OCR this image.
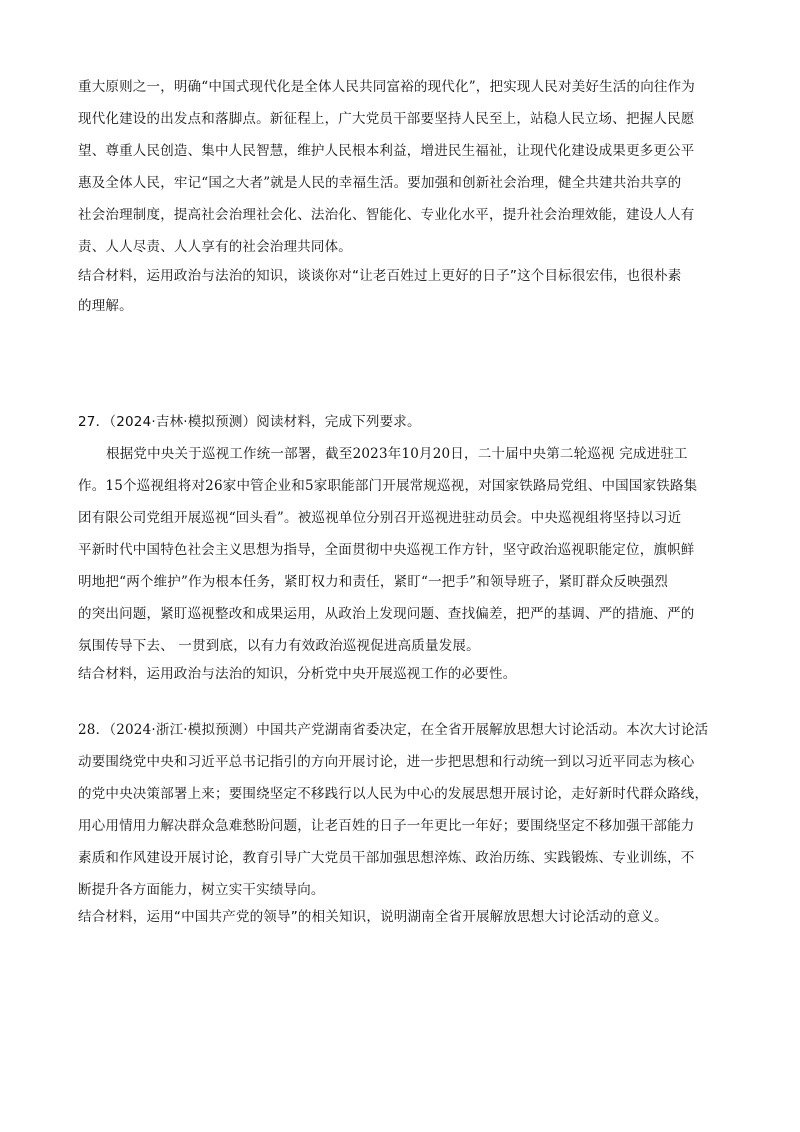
重大原则之一，明确“中国式现代化是全体人民共同富裕的现代化”，把实现人民对美好生活的向往作为
现代化建设的出发点和落脚点。新征程上，广大党员干部要坚持人民至上，站稳人民立场、把握人民愿
望、尊重人民创造、集中人民智慧，维护人民根本利益，增进民生福祉，让现代化建设成果更多更公平
惠及全体人民，牢记“国之大者”就是人民的幸福生活。要加强和创新社会治理，健全共建共治共享的
社会治理制度，提高社会治理社会化、法治化、智能化、专业化水平，提升社会治理效能，建设人人有
责、人人尽责、人人享有的社会治理共同体。
结合材料，运用政治与法治的知识，谈谈你对“让老百姓过上更好的日子”这个目标很宏伟，也很朴素
的理解。
27．（2024·吉林·模拟预测）阅读材料，完成下列要求。
根据党中央关于巡视工作统一部署，截至2023年10月20日，二十届中央第二轮巡视 完成进驻工
作。15个巡视组将对26家中管企业和5家职能部门开展常规巡视，对国家铁路局党组、中国国家铁路集
团有限公司党组开展巡视“回头看”。被巡视单位分别召开巡视进驻动员会。中央巡视组将坚持以习近
平新时代中国特色社会主义思想为指导，全面贯彻中央巡视工作方针，坚守政治巡视职能定位，旗帜鲜
明地把“两个维护”作为根本任务，紧盯权力和责任，紧盯“一把手”和领导班子，紧盯群众反映强烈
的突出问题，紧盯巡视整改和成果运用，从政治上发现问题、查找偏差，把严的基调、严的措施、严的
氛围传导下去、 一贯到底，以有力有效政治巡视促进高质量发展。
结合材料，运用政治与法治的知识，分析党中央开展巡视工作的必要性。
28．（2024·浙江·模拟预测）中国共产党湖南省委决定，在全省开展解放思想大讨论活动。本次大讨论活
动要围绕党中央和习近平总书记指引的方向开展讨论，进一步把思想和行动统一到以习近平同志为核心
的党中央决策部署上来；要围绕坚定不移践行以人民为中心的发展思想开展讨论，走好新时代群众路线，
用心用情用力解决群众急难愁盼问题，让老百姓的日子一年更比一年好；要围绕坚定不移加强干部能力
素质和作风建设开展讨论，教育引导广大党员干部加强思想淬炼、政治历练、实践锻炼、专业训练，不
断提升各方面能力，树立实干实绩导向。
结合材料，运用“中国共产党的领导”的相关知识，说明湖南全省开展解放思想大讨论活动的意义。
